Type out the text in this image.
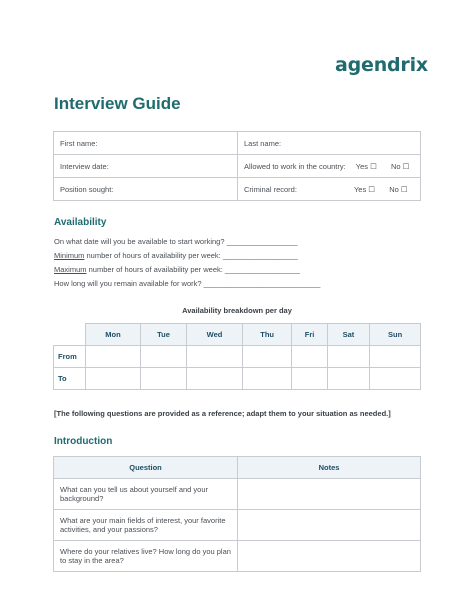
agendrix
Interview Guide
First name:	Last name:
Interview date:	Allowed to work in the country: Yes ☐ No ☐
Position sought:	Criminal record: Yes ☐ No ☐
Availability
On what date will you be available to start working? _________________
Minimum number of hours of availability per week: __________________
Maximum number of hours of availability per week: __________________
How long will you remain available for work? ____________________________
Availability breakdown per day
	Mon	Tue	Wed	Thu	Fri	Sat	Sun
From							
To							
[The following questions are provided as a reference; adapt them to your situation as needed.]
Introduction
Question	Notes
What can you tell us about yourself and your background?	
What are your main fields of interest, your favorite activities, and your passions?	
Where do your relatives live? How long do you plan to stay in the area?	
